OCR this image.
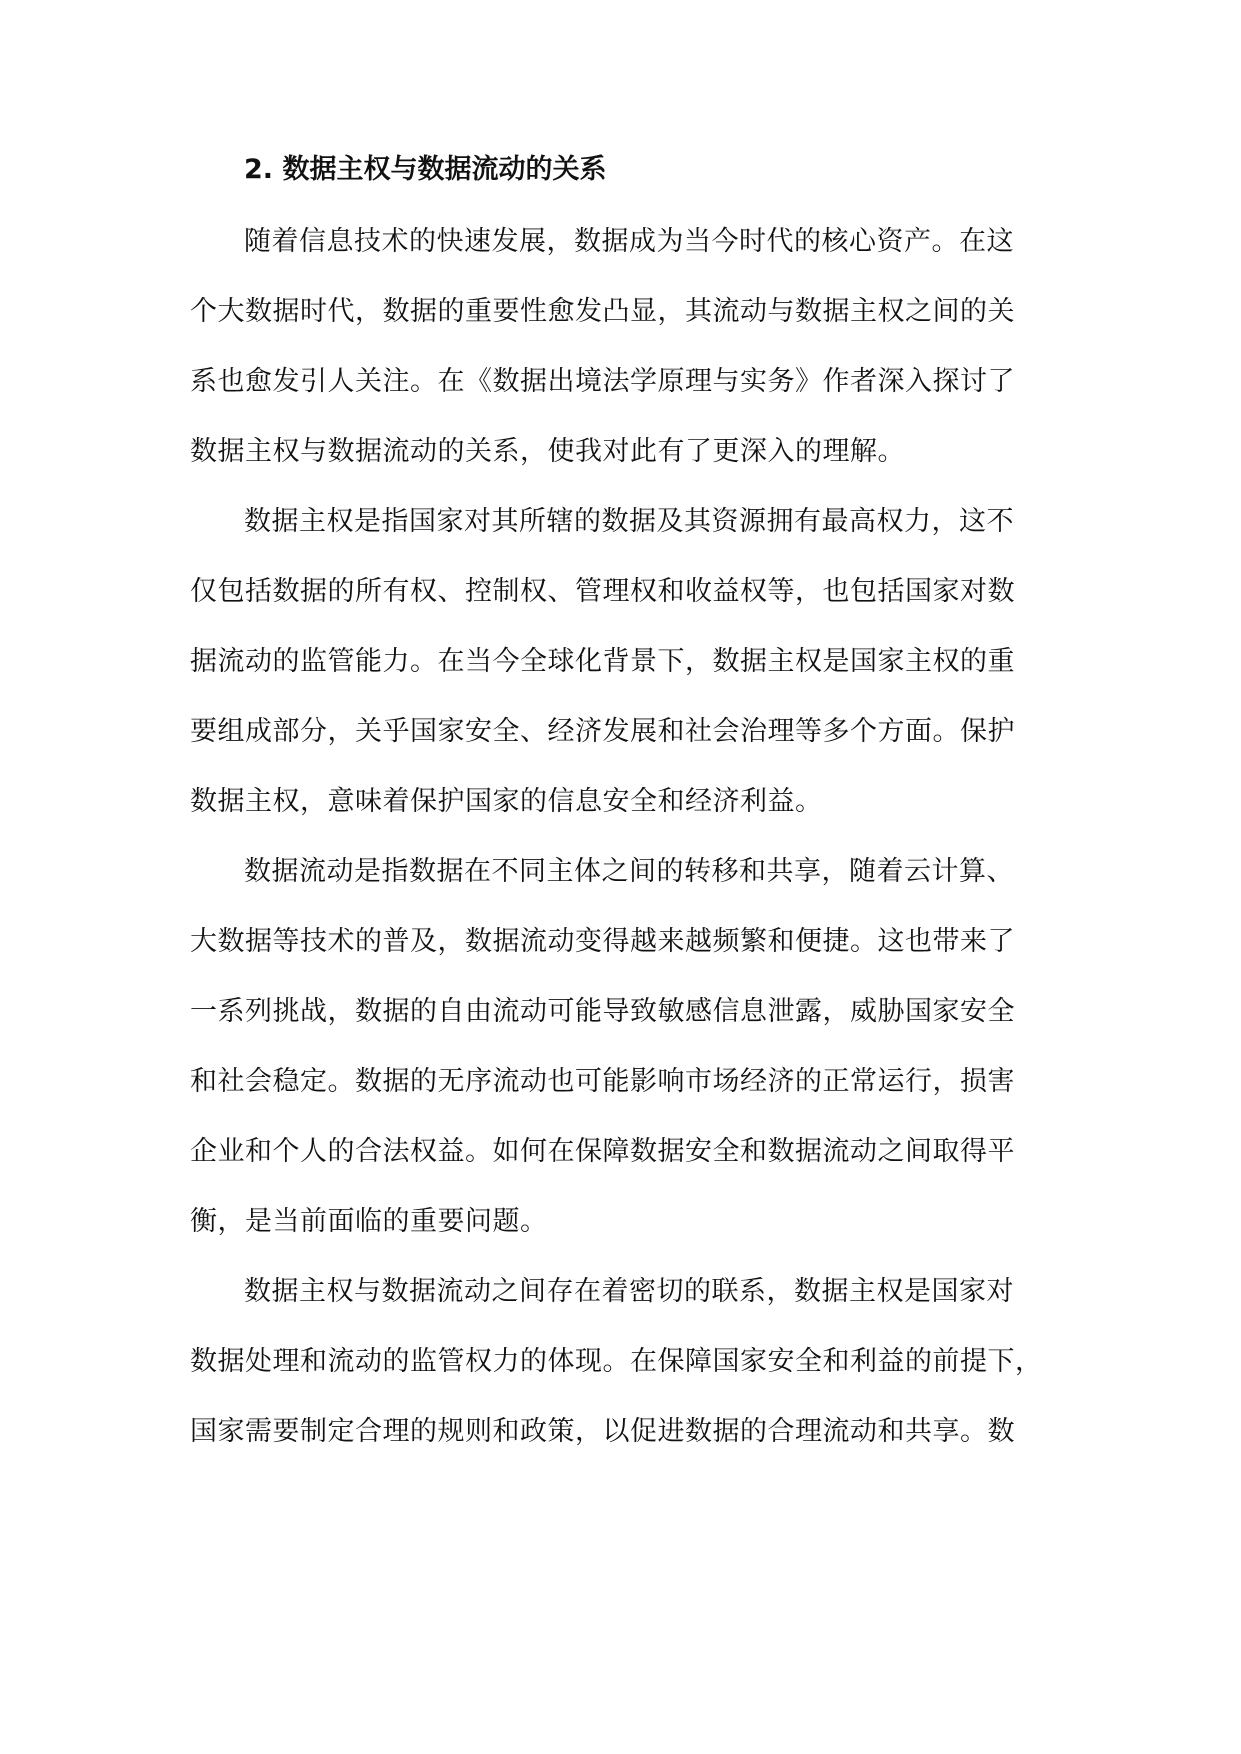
2. 数据主权与数据流动的关系
随着信息技术的快速发展，数据成为当今时代的核心资产。在这
个大数据时代，数据的重要性愈发凸显，其流动与数据主权之间的关
系也愈发引人关注。在《数据出境法学原理与实务》作者深入探讨了
数据主权与数据流动的关系，使我对此有了更深入的理解。
数据主权是指国家对其所辖的数据及其资源拥有最高权力，这不
仅包括数据的所有权、控制权、管理权和收益权等，也包括国家对数
据流动的监管能力。在当今全球化背景下，数据主权是国家主权的重
要组成部分，关乎国家安全、经济发展和社会治理等多个方面。保护
数据主权，意味着保护国家的信息安全和经济利益。
数据流动是指数据在不同主体之间的转移和共享，随着云计算、
大数据等技术的普及，数据流动变得越来越频繁和便捷。这也带来了
一系列挑战，数据的自由流动可能导致敏感信息泄露，威胁国家安全
和社会稳定。数据的无序流动也可能影响市场经济的正常运行，损害
企业和个人的合法权益。如何在保障数据安全和数据流动之间取得平
衡，是当前面临的重要问题。
数据主权与数据流动之间存在着密切的联系，数据主权是国家对
数据处理和流动的监管权力的体现。在保障国家安全和利益的前提下，
国家需要制定合理的规则和政策，以促进数据的合理流动和共享。数
